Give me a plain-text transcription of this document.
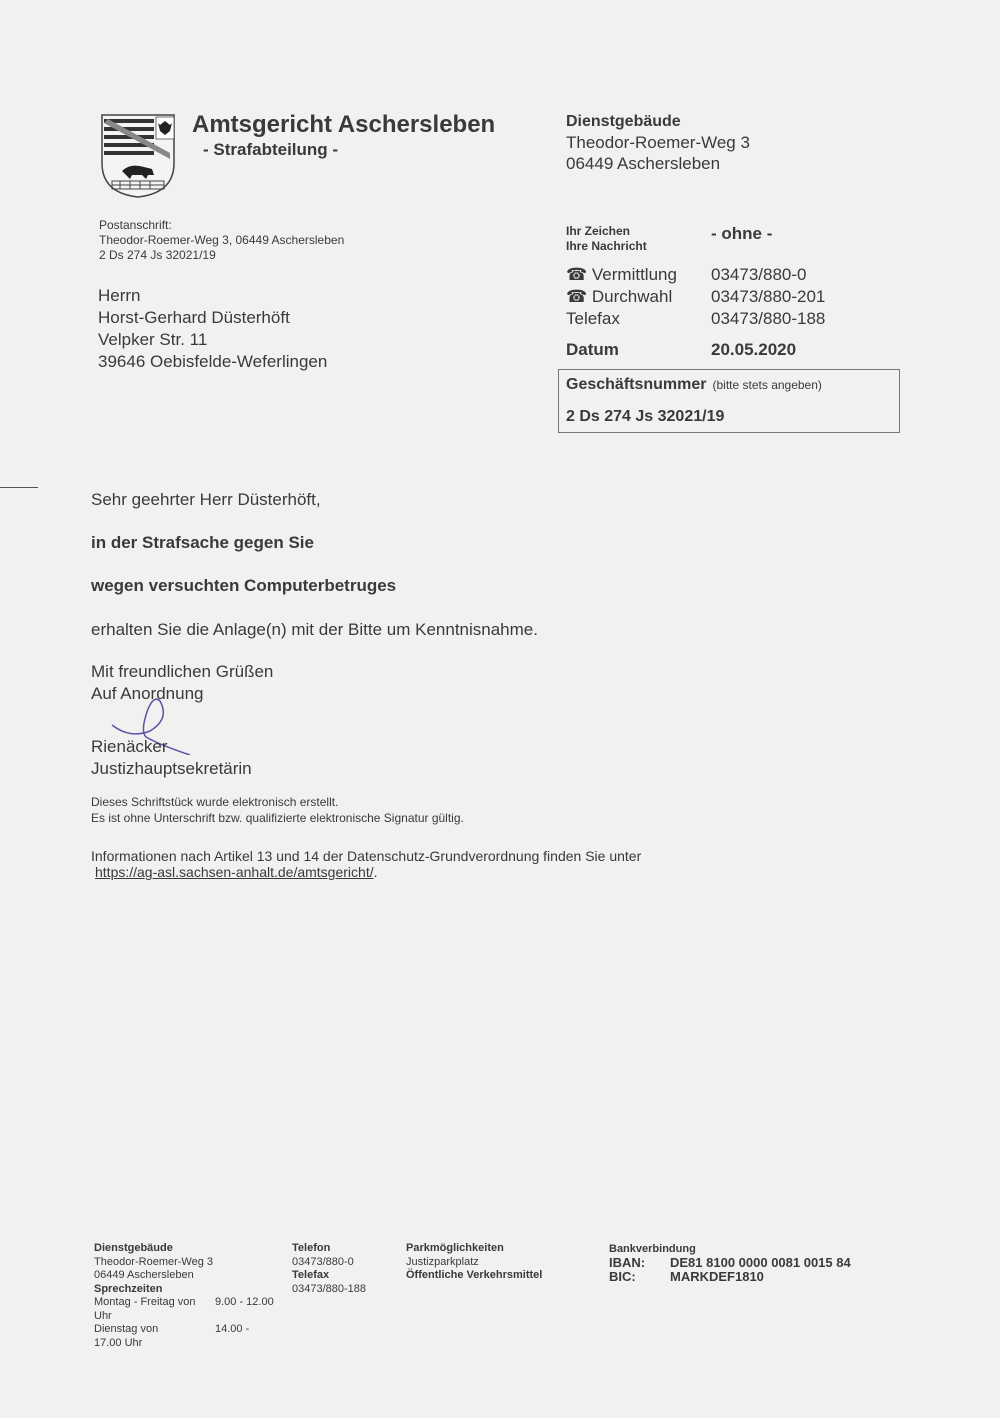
Amtsgericht Aschersleben
- Strafabteilung -
Postanschrift:
Theodor-Roemer-Weg 3, 06449 Aschersleben
2 Ds 274 Js 32021/19
Herrn
Horst-Gerhard Düsterhöft
Velpker Str. 11
39646 Oebisfelde-Weferlingen
Dienstgebäude
Theodor-Roemer-Weg 3
06449 Aschersleben
Ihr Zeichen
Ihre Nachricht
- ohne -
☎ Vermittlung	03473/880-0
☎ Durchwahl	03473/880-201
Telefax	03473/880-188
Datum	20.05.2020
Geschäftsnummer (bitte stets angeben)
2 Ds 274 Js 32021/19
Sehr geehrter Herr Düsterhöft,
in der Strafsache gegen Sie
wegen versuchten Computerbetruges
erhalten Sie die Anlage(n) mit der Bitte um Kenntnisnahme.
Mit freundlichen Grüßen
Auf Anordnung
Rienäcker
Justizhauptsekretärin
Dieses Schriftstück wurde elektronisch erstellt.
Es ist ohne Unterschrift bzw. qualifizierte elektronische Signatur gültig.
Informationen nach Artikel 13 und 14 der Datenschutz-Grundverordnung finden Sie unter
https://ag-asl.sachsen-anhalt.de/amtsgericht/.
Dienstgebäude
Theodor-Roemer-Weg 3
06449 Aschersleben
Sprechzeiten
Montag - Freitag von	9.00 - 12.00
Uhr
Dienstag von	14.00 -
17.00 Uhr
Telefon
03473/880-0
Telefax
03473/880-188
Parkmöglichkeiten
Justizparkplatz
Öffentliche Verkehrsmittel
Bankverbindung
IBAN:	DE81 8100 0000 0081 0015 84
BIC:	MARKDEF1810
